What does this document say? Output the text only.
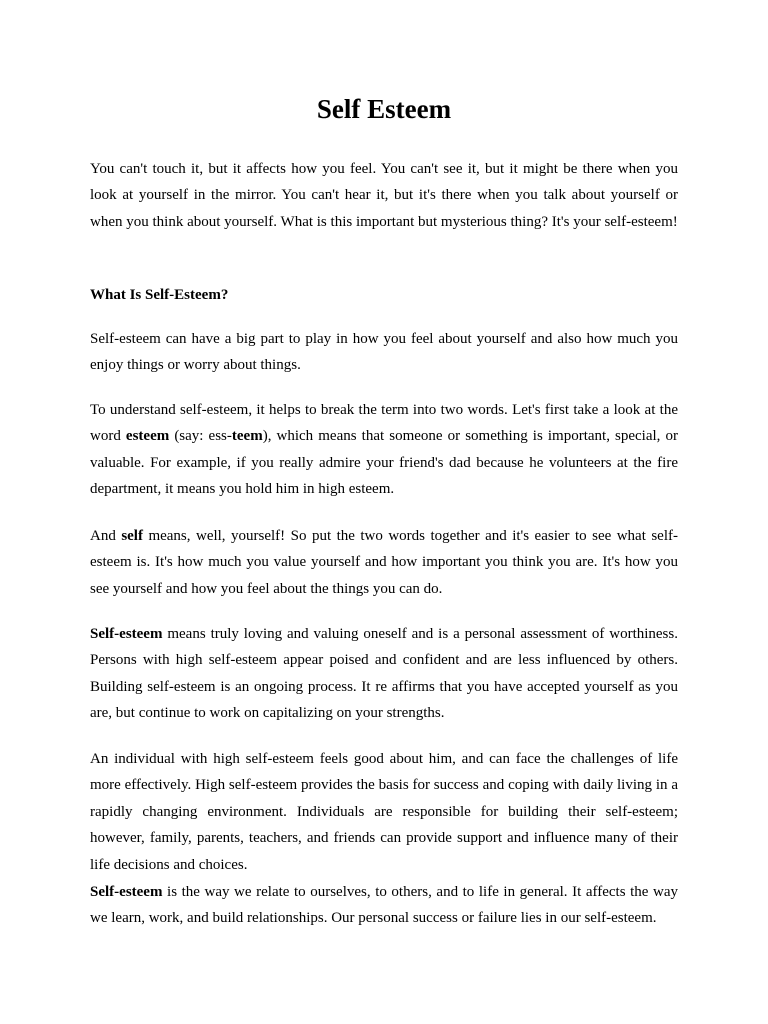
Self Esteem

You can't touch it, but it affects how you feel. You can't see it, but it might be there when you look at yourself in the mirror. You can't hear it, but it's there when you talk about yourself or when you think about yourself. What is this important but mysterious thing? It's your self-esteem!

What Is Self-Esteem?

Self-esteem can have a big part to play in how you feel about yourself and also how much you enjoy things or worry about things.

To understand self-esteem, it helps to break the term into two words. Let's first take a look at the word esteem (say: ess-teem), which means that someone or something is important, special, or valuable. For example, if you really admire your friend's dad because he volunteers at the fire department, it means you hold him in high esteem.

And self means, well, yourself! So put the two words together and it's easier to see what self-esteem is. It's how much you value yourself and how important you think you are. It's how you see yourself and how you feel about the things you can do.

Self-esteem means truly loving and valuing oneself and is a personal assessment of worthiness. Persons with high self-esteem appear poised and confident and are less influenced by others. Building self-esteem is an ongoing process. It re affirms that you have accepted yourself as you are, but continue to work on capitalizing on your strengths.

An individual with high self-esteem feels good about him, and can face the challenges of life more effectively. High self-esteem provides the basis for success and coping with daily living in a rapidly changing environment. Individuals are responsible for building their self-esteem; however, family, parents, teachers, and friends can provide support and influence many of their life decisions and choices.

Self-esteem is the way we relate to ourselves, to others, and to life in general. It affects the way we learn, work, and build relationships. Our personal success or failure lies in our self-esteem.
